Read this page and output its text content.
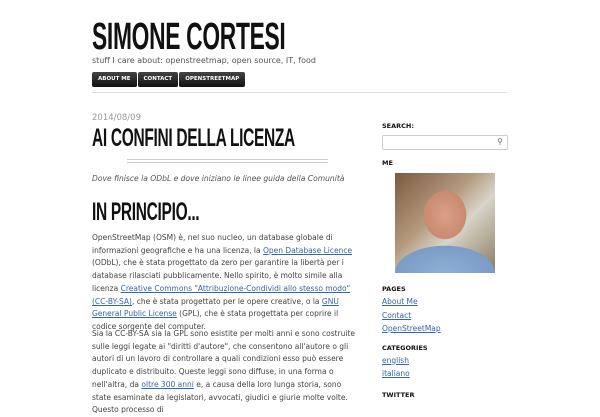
SIMONE CORTESI
stuff I care about: openstreetmap, open source, IT, food
ABOUT ME	CONTACT	OPENSTREETMAP
2014/08/09
AI CONFINI DELLA LICENZA
Dove finisce la ODbL e dove iniziano le linee guida della Comunità
IN PRINCIPIO...
OpenStreetMap (OSM) è, nel suo nucleo, un database globale di informazioni geografiche e ha una licenza, la Open Database Licence (ODbL), che è stata progettato da zero per garantire la libertà per i database rilasciati pubblicamente. Nello spirito, è molto simile alla licenza Creative Commons "Attribuzione-Condividi allo stesso modo" (CC-BY-SA), che è stata progettato per le opere creative, o la GNU General Public License (GPL), che è stata progettata per coprire il codice sorgente del computer.
Sia la CC-BY-SA sia la GPL sono esistite per molti anni e sono costruite sulle leggi legate ai "diritti d'autore", che consentono all'autore o gli autori di un lavoro di controllare a quali condizioni esso può essere duplicato e distribuito. Queste leggi sono diffuse, in una forma o nell'altra, da oltre 300 anni e, a causa della loro lunga storia, sono state esaminate da legislatori, avvocati, giudici e giurie molte volte. Questo processo di
SEARCH:
⚲
ME
PAGES
About Me
Contact
OpenStreetMap
CATEGORIES
english
italiano
TWITTER
